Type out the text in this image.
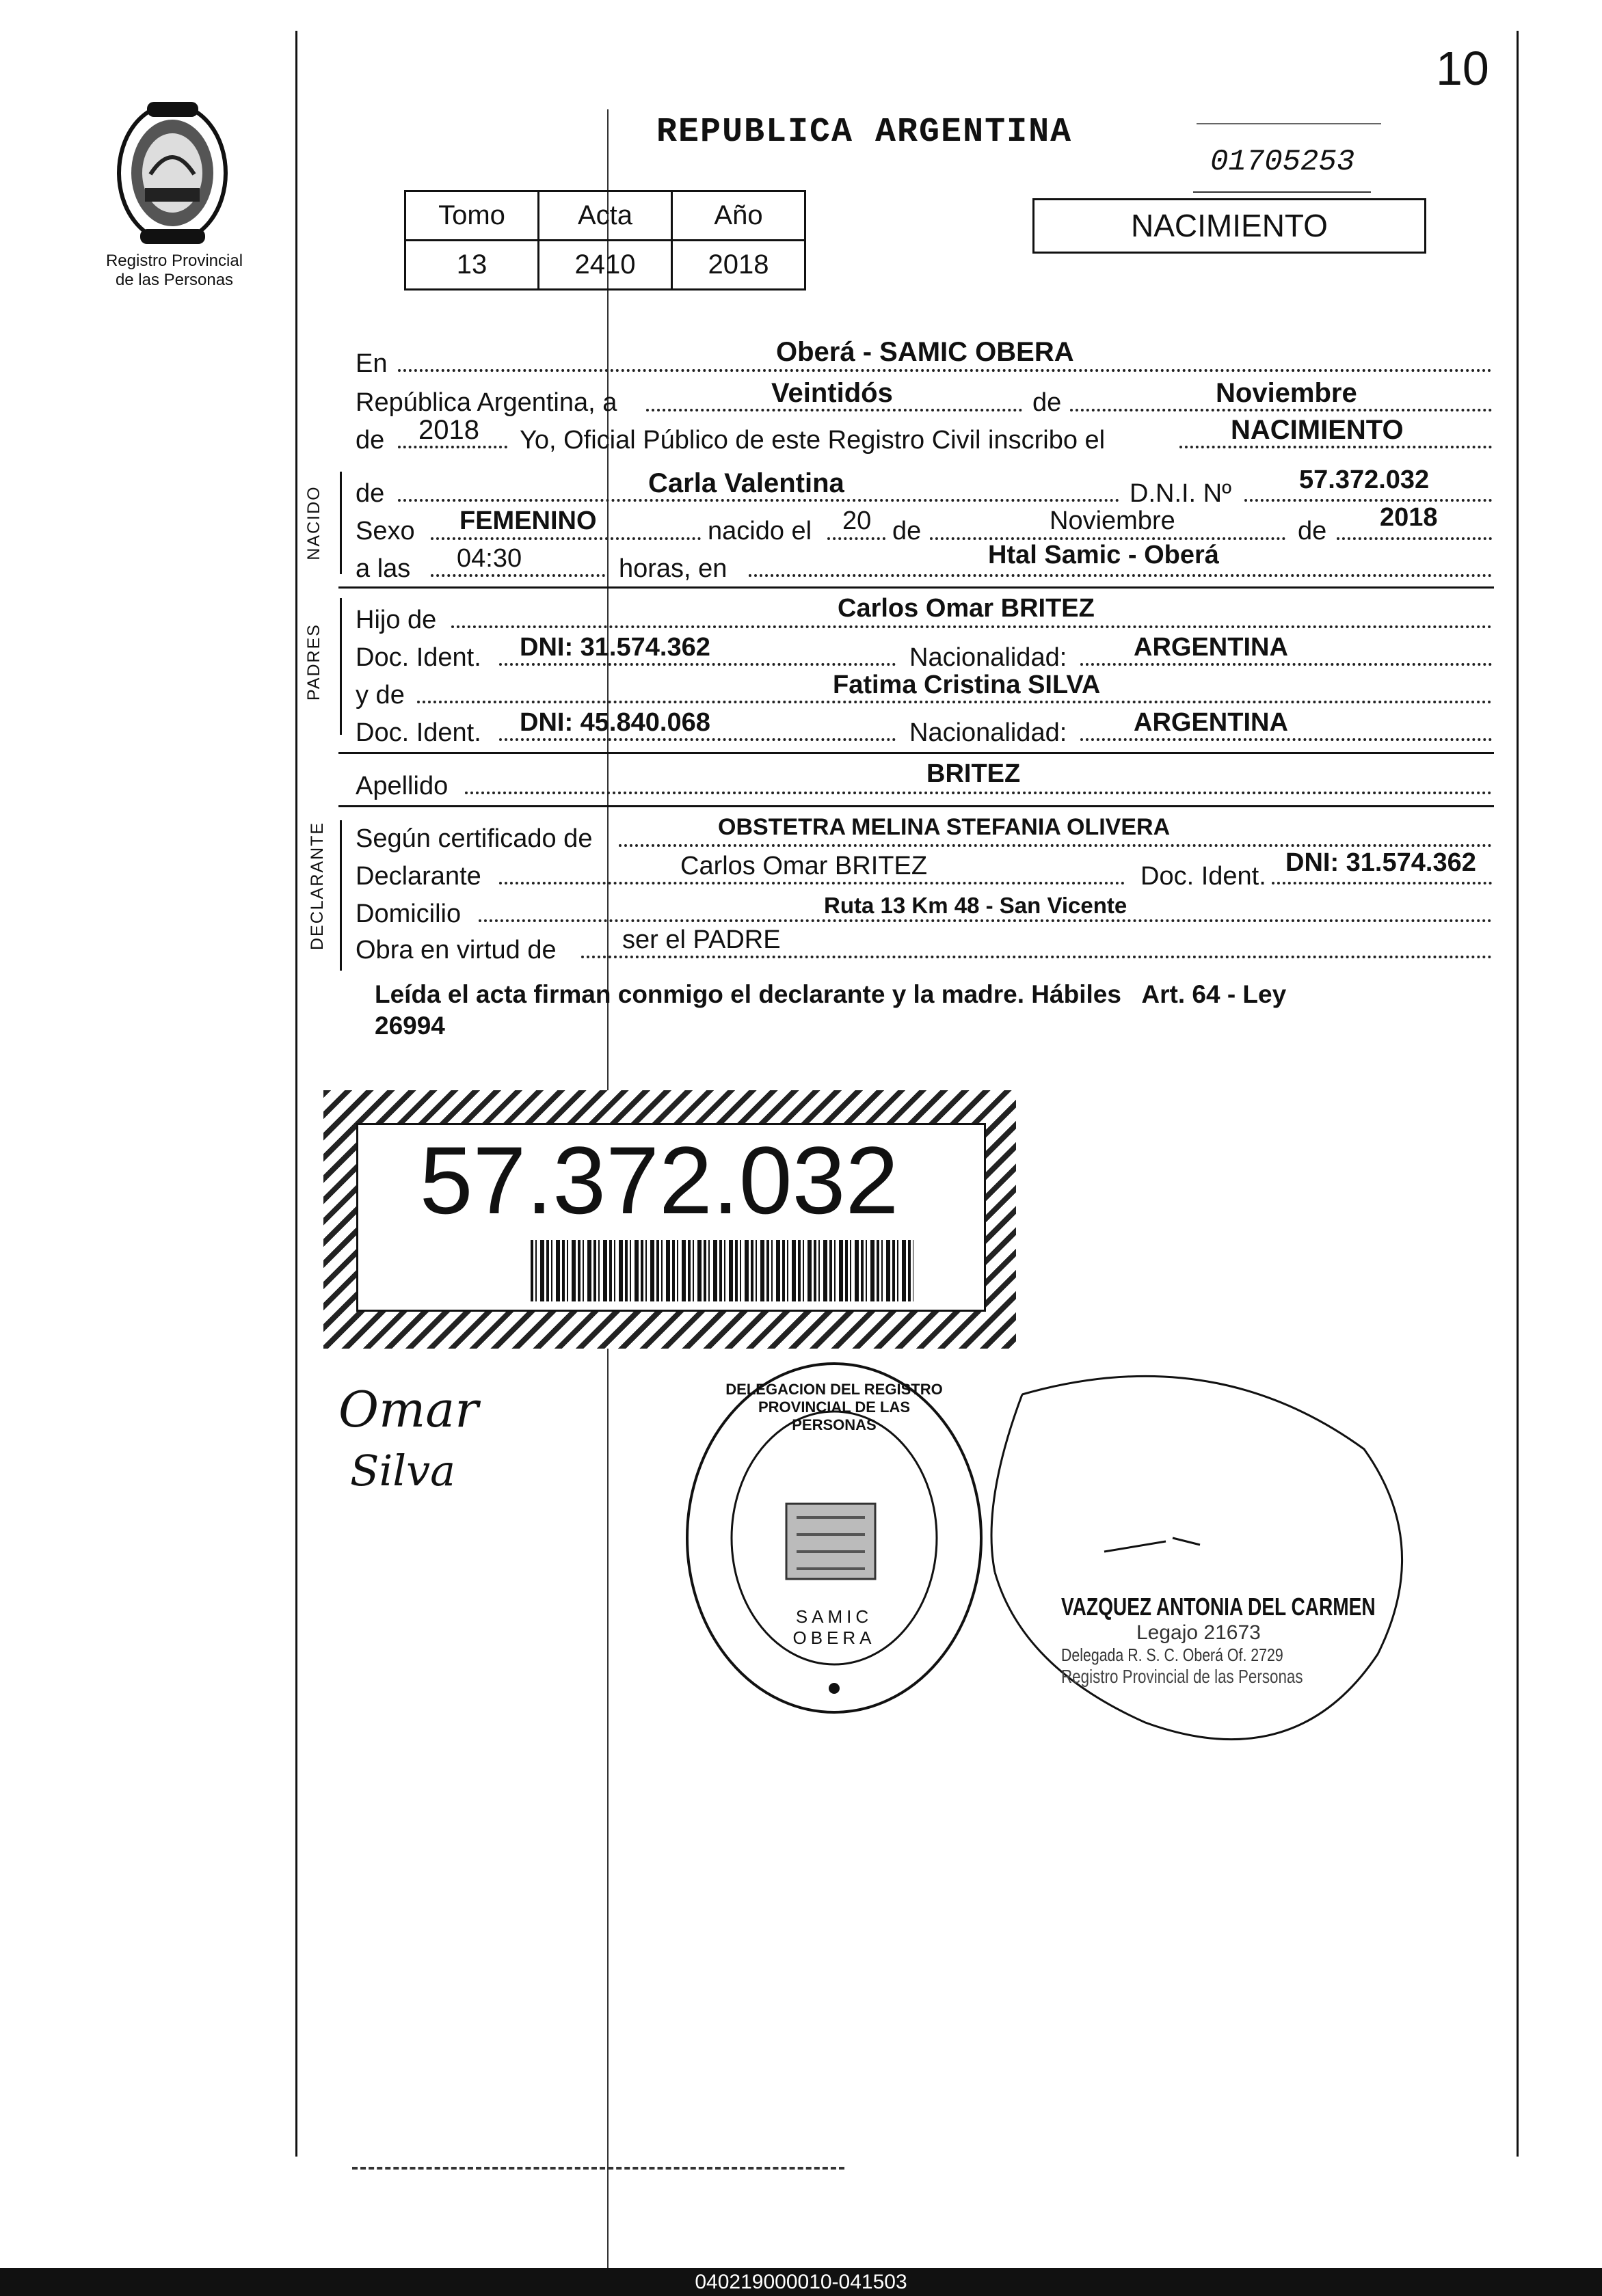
10
Registro Provincial
de las Personas
REPUBLICA ARGENTINA
01705253
NACIMIENTO
Tomo	Acta	Año
13	2410	2018
En	Oberá - SAMIC OBERA
República Argentina, a	Veintidós	de	Noviembre
de 2018 Yo, Oficial Público de este Registro Civil inscribo el	NACIMIENTO
NACIDO de	Carla Valentina	D.N.I. Nº	57.372.032
Sexo FEMENINO	nacido el 20 de	Noviembre	de 2018
a las 04:30	horas, en	Htal Samic - Oberá
PADRES
Hijo de	Carlos Omar BRITEZ
Doc. Ident. DNI: 31.574.362	Nacionalidad:	ARGENTINA
y de	Fatima Cristina SILVA
Doc. Ident. DNI: 45.840.068	Nacionalidad:	ARGENTINA
Apellido	BRITEZ
DECLARANTE Según certificado de	OBSTETRA MELINA STEFANIA OLIVERA
Declarante	Carlos Omar BRITEZ	Doc. Ident. DNI: 31.574.362
Domicilio	Ruta 13 Km 48 - San Vicente
Obra en virtud de	ser el PADRE
Leída el acta firman conmigo el declarante y la madre. Hábiles   Art. 64 - Ley
26994
57.372.032
Omar
Silva
DELEGACION DEL REGISTRO PROVINCIAL DE LAS PERSONAS
SAMIC OBERA
VAZQUEZ ANTONIA DEL CARMEN
Legajo 21673
Delegada R. S. C. Oberá Of. 2729
Registro Provincial de las Personas
040219000010-041503
